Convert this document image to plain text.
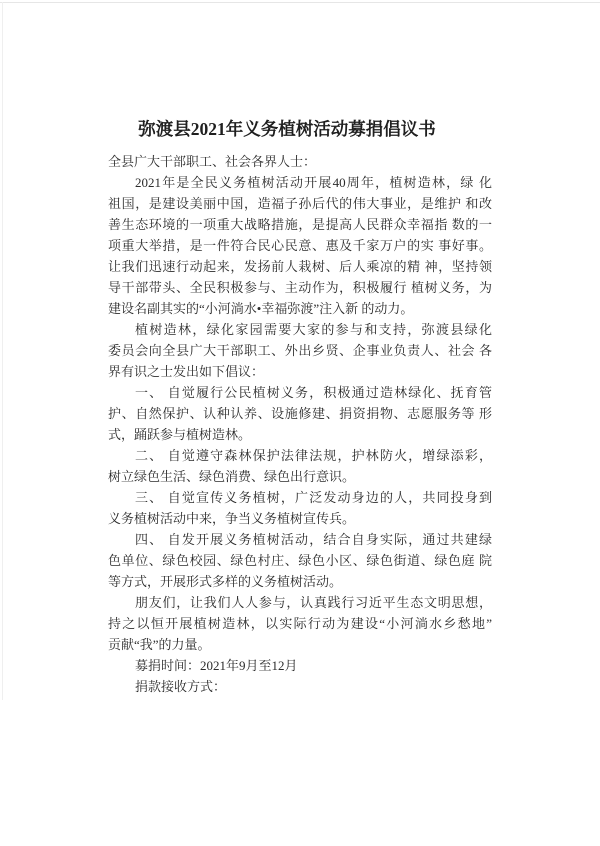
弥渡县2021年义务植树活动募捐倡议书
全县广大干部职工、社会各界人士：
2021年是全民义务植树活动开展40周年，植树造林，绿 化
祖国，是建设美丽中国，造福子孙后代的伟大事业，是维护 和改
善生态环境的一项重大战略措施，是提高人民群众幸福指 数的一
项重大举措，是一件符合民心民意、惠及千家万户的实 事好事。
让我们迅速行动起来，发扬前人栽树、后人乘凉的精 神，坚持领
导干部带头、全民积极参与、主动作为，积极履行 植树义务，为
建设名副其实的“小河淌水•幸福弥渡”注入新 的动力。
植树造林，绿化家园需要大家的参与和支持，弥渡县绿化
委员会向全县广大干部职工、外出乡贤、企事业负责人、社会 各
界有识之士发出如下倡议：
一、 自觉履行公民植树义务，积极通过造林绿化、抚育管
护、自然保护、认种认养、设施修建、捐资捐物、志愿服务等 形
式，踊跃参与植树造林。
二、 自觉遵守森林保护法律法规，护林防火，增绿添彩，
树立绿色生活、绿色消费、绿色出行意识。
三、 自觉宣传义务植树，广泛发动身边的人，共同投身到
义务植树活动中来，争当义务植树宣传兵。
四、 自发开展义务植树活动，结合自身实际，通过共建绿
色单位、绿色校园、绿色村庄、绿色小区、绿色街道、绿色庭 院
等方式，开展形式多样的义务植树活动。
朋友们，让我们人人参与，认真践行习近平生态文明思想，
持之以恒开展植树造林，以实际行动为建设“小河淌水乡愁地”
贡献“我”的力量。
募捐时间：2021年9月至12月
捐款接收方式：
